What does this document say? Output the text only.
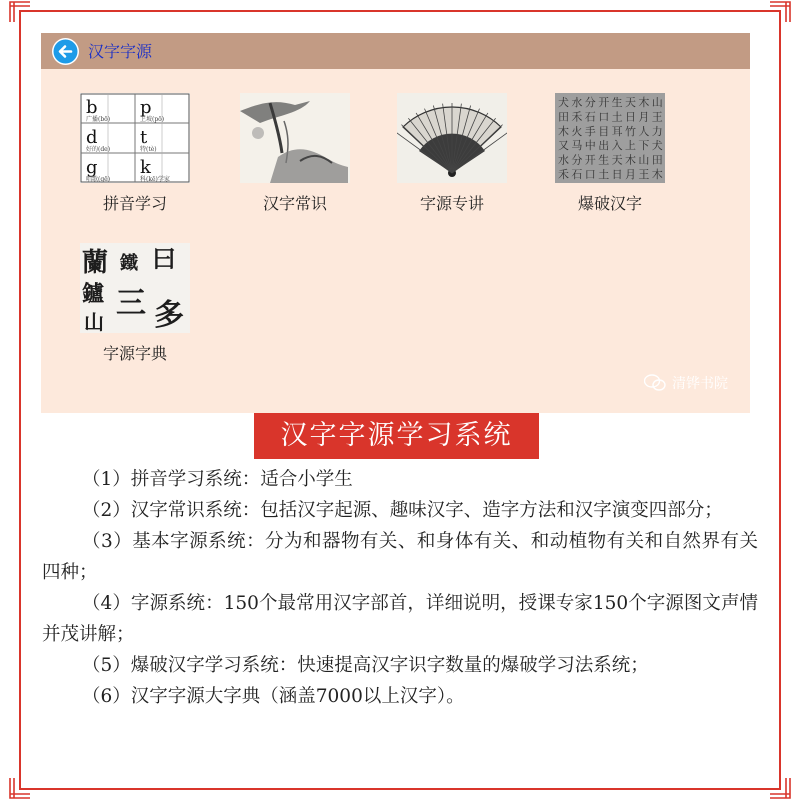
汉字字源
b
广播(bō)
p
上坡(pō)
d
好的(de)
t
特(tè)
g
唱歌(gē)
k
科(kē)学家
拼音学习	汉字常识	字源专讲
犬 水 分 开 生 天 木 山
田 禾 石 口 土 日 月 王
木 火 手 目 耳 竹 人 力
又 马 中 出 入 上 下 犬
水 分 开 生 天 木 山 田
禾 石 口 土 日 月 王 木
爆破汉字
蘭 鐵 曰
鑪 三
山 多
字源字典
清铧书院
汉字字源学习系统

（1）拼音学习系统：适合小学生

（2）汉字常识系统：包括汉字起源、趣味汉字、造字方法和汉字演变四部分；

（3）基本字源系统：分为和器物有关、和身体有关、和动植物有关和自然界有关四种；

（4）字源系统：150个最常用汉字部首，详细说明，授课专家150个字源图文声情并茂讲解；

（5）爆破汉字学习系统：快速提高汉字识字数量的爆破学习法系统；

（6）汉字字源大字典（涵盖7000以上汉字）。
